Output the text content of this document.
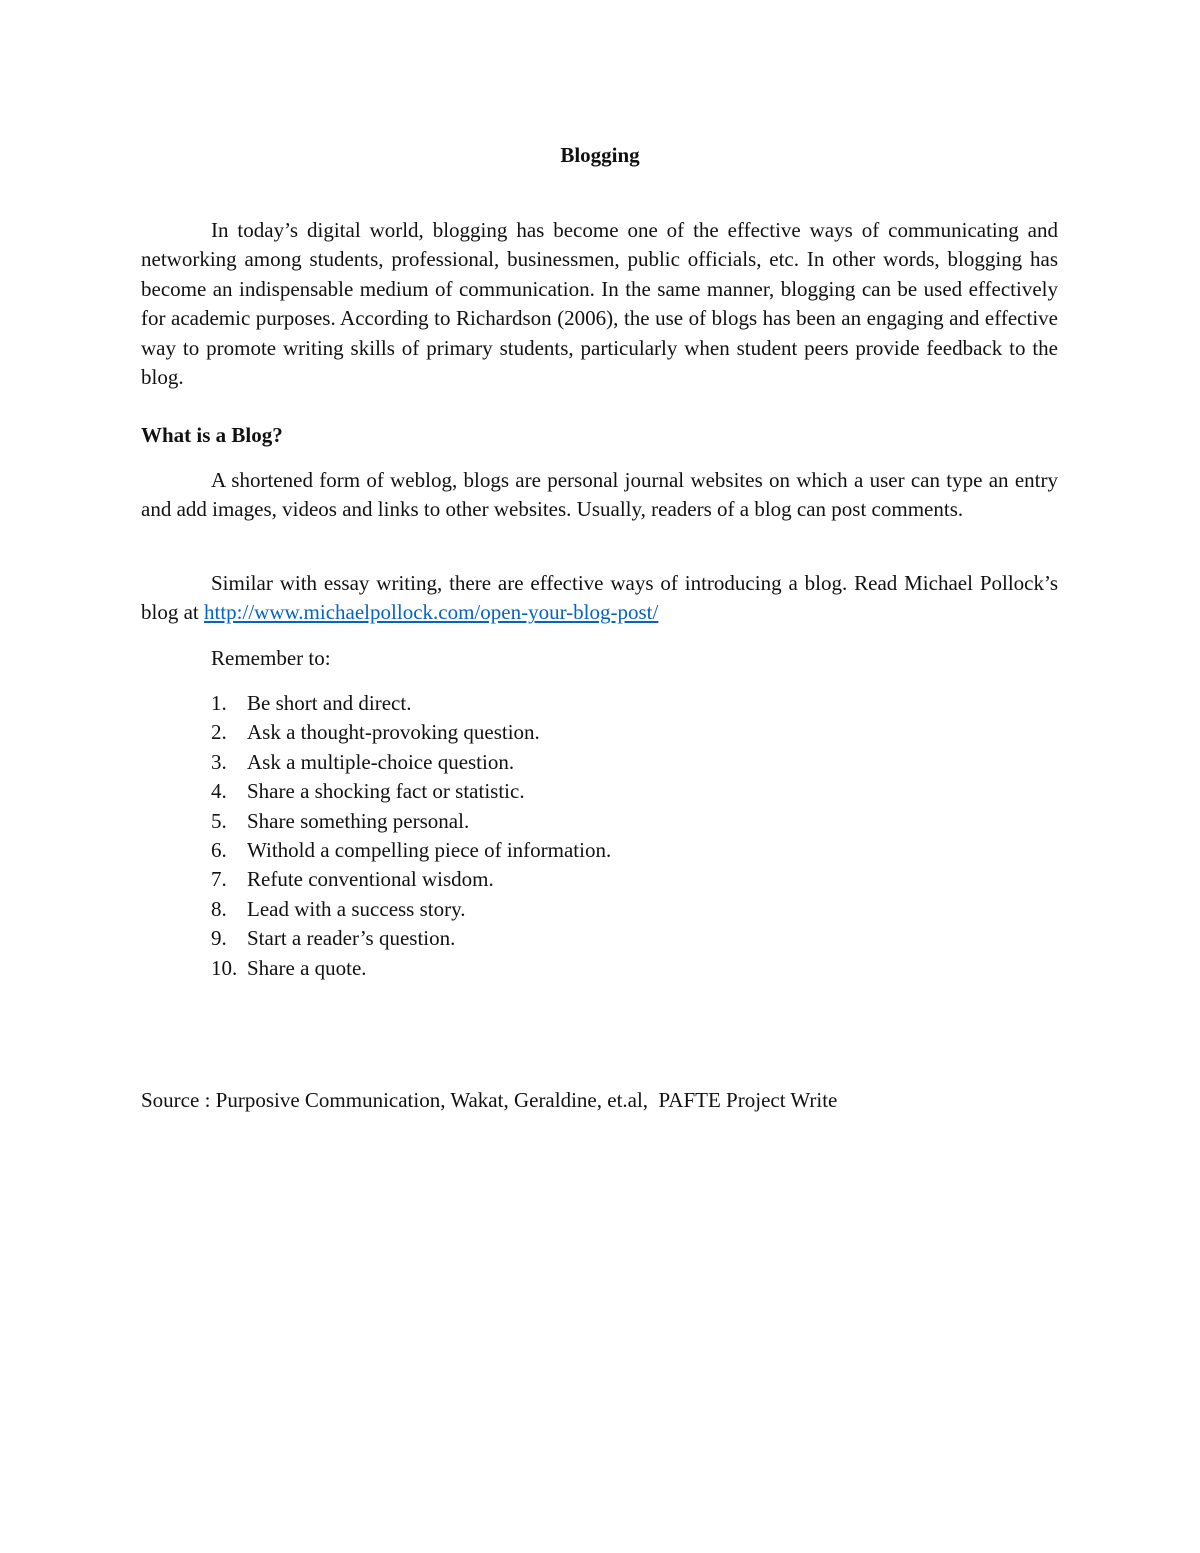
Blogging

In today’s digital world, blogging has become one of the effective ways of communicating and networking among students, professional, businessmen, public officials, etc. In other words, blogging has become an indispensable medium of communication. In the same manner, blogging can be used effectively for academic purposes. According to Richardson (2006), the use of blogs has been an engaging and effective way to promote writing skills of primary students, particularly when student peers provide feedback to the blog.

What is a Blog?

A shortened form of weblog, blogs are personal journal websites on which a user can type an entry and add images, videos and links to other websites. Usually, readers of a blog can post comments.

Similar with essay writing, there are effective ways of introducing a blog. Read Michael Pollock’s blog at http://www.michaelpollock.com/open-your-blog-post/

Remember to:
1. Be short and direct.
2. Ask a thought-provoking question.
3. Ask a multiple-choice question.
4. Share a shocking fact or statistic.
5. Share something personal.
6. Withold a compelling piece of information.
7. Refute conventional wisdom.
8. Lead with a success story.
9. Start a reader’s question.
10. Share a quote.
Source : Purposive Communication, Wakat, Geraldine, et.al,  PAFTE Project Write
